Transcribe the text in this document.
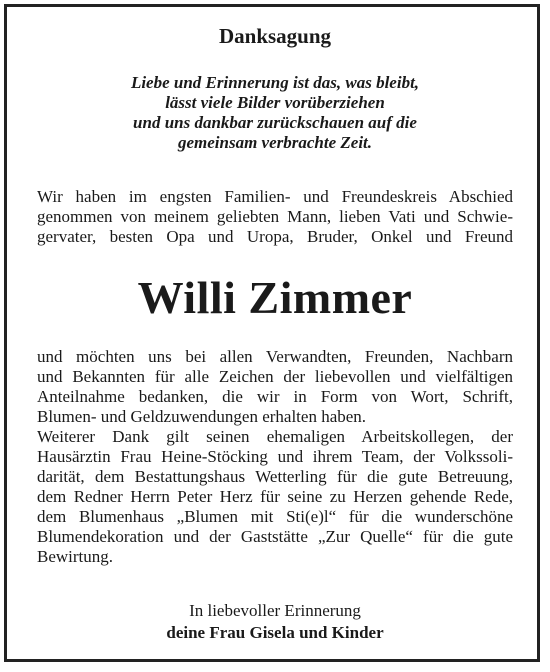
Danksagung
Liebe und Erinnerung ist das, was bleibt,
lässt viele Bilder vorüberziehen
und uns dankbar zurückschauen auf die
gemeinsam verbrachte Zeit.
Wir haben im engsten Familien- und Freundeskreis Abschied
genommen von meinem geliebten Mann, lieben Vati und Schwie-
gervater, besten Opa und Uropa, Bruder, Onkel und Freund
Willi Zimmer
und möchten uns bei allen Verwandten, Freunden, Nachbarn
und Bekannten für alle Zeichen der liebevollen und vielfältigen
Anteilnahme bedanken, die wir in Form von Wort, Schrift,
Blumen- und Geldzuwendungen erhalten haben.
Weiterer Dank gilt seinen ehemaligen Arbeitskollegen, der
Hausärztin Frau Heine-Stöcking und ihrem Team, der Volkssoli-
darität, dem Bestattungshaus Wetterling für die gute Betreuung,
dem Redner Herrn Peter Herz für seine zu Herzen gehende Rede,
dem Blumenhaus „Blumen mit Sti(e)l“ für die wunderschöne
Blumendekoration und der Gaststätte „Zur Quelle“ für die gute
Bewirtung.
In liebevoller Erinnerung
deine Frau Gisela und Kinder
